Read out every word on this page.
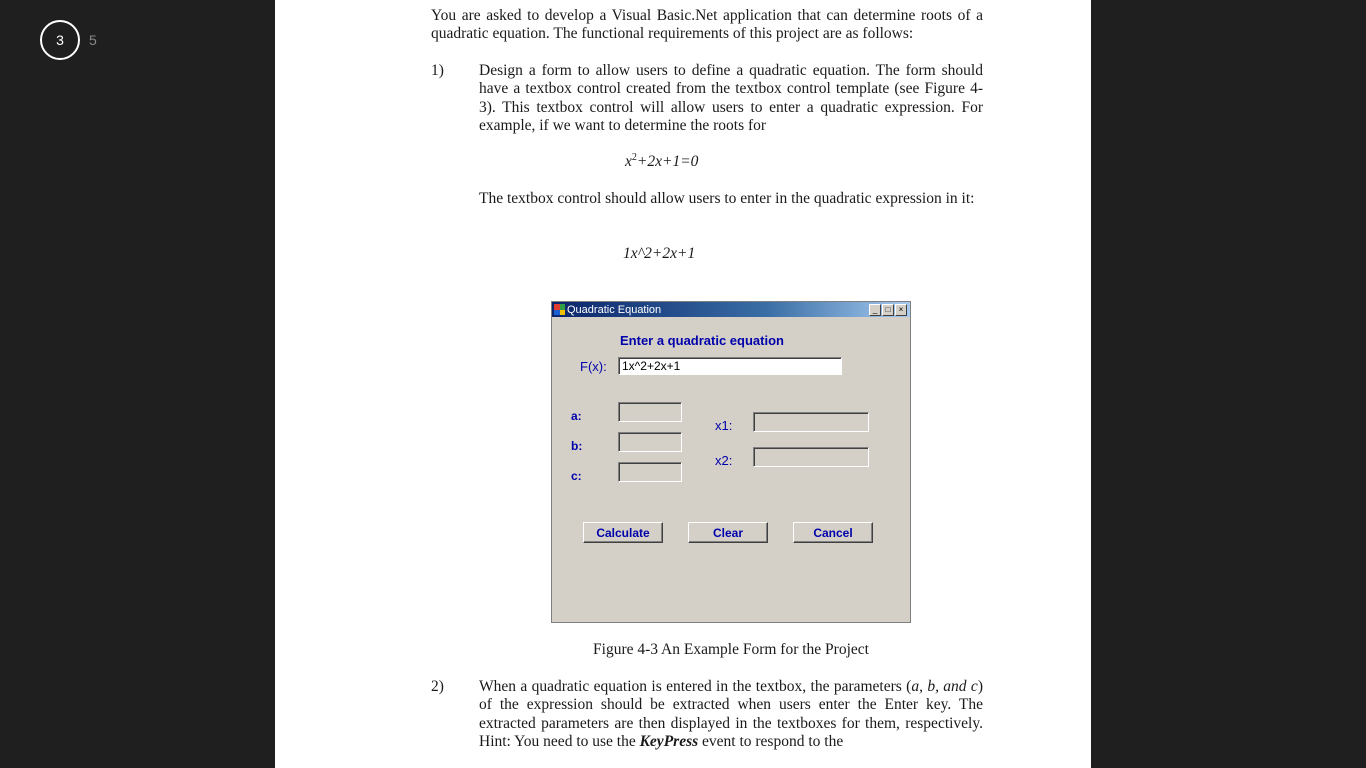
3	5

You are asked to develop a Visual Basic.Net application that can determine roots of a quadratic equation. The functional requirements of this project are as follows:

1) Design a form to allow users to define a quadratic equation. The form should have a textbox control created from the textbox control template (see Figure 4-3). This textbox control will allow users to enter a quadratic expression. For example, if we want to determine the roots for

$x^2+2x+1=0$

The textbox control should allow users to enter in the quadratic expression in it:

1x^2+2x+1
Quadratic Equation	_	□	×
Enter a quadratic equation
F(x):	1x^2+2x+1
a:
b:
c:
x1:
x2:
Calculate	Clear	Cancel
Figure 4-3 An Example Form for the Project
2) When a quadratic equation is entered in the textbox, the parameters (a, b, and c) of the expression should be extracted when users enter the Enter key. The extracted parameters are then displayed in the textboxes for them, respectively. Hint: You need to use the KeyPress event to respond to the
